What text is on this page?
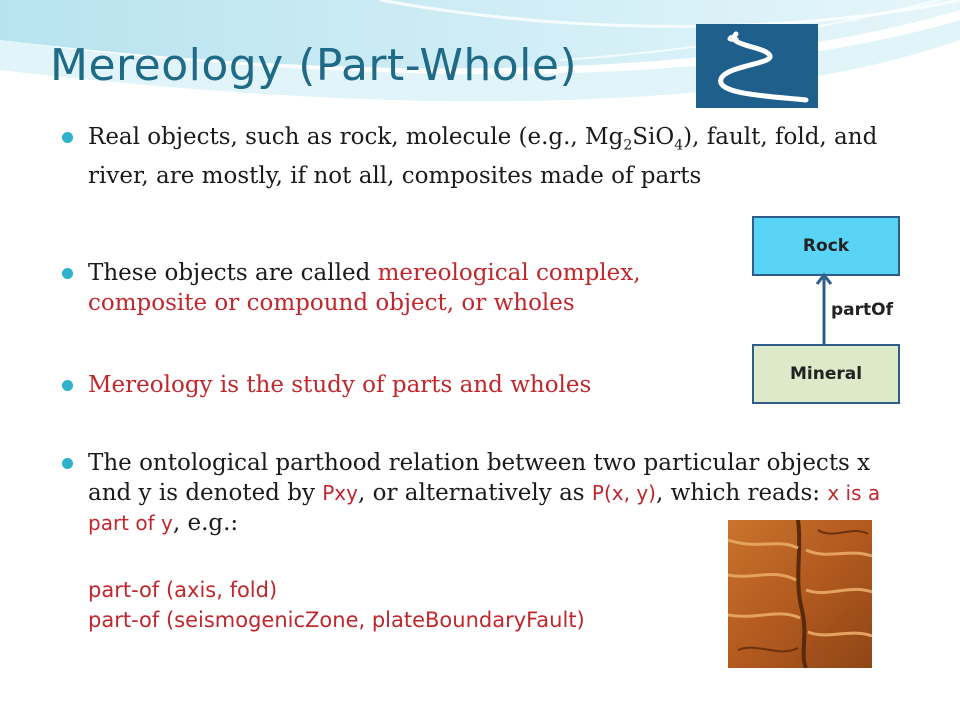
Mereology (Part-Whole)
Real objects, such as rock, molecule (e.g., $Mg_2SiO_4$), fault, fold, and river, are mostly, if not all, composites made of parts
These objects are called mereological complex, composite or compound object, or wholes
Mereology is the study of parts and wholes
The ontological parthood relation between two particular objects x and y is denoted by Pxy, or alternatively as P(x, y), which reads: x is a part of y, e.g.:
part-of (axis, fold)
part-of (seismogenicZone, plateBoundaryFault)
Rock
partOf
Mineral
